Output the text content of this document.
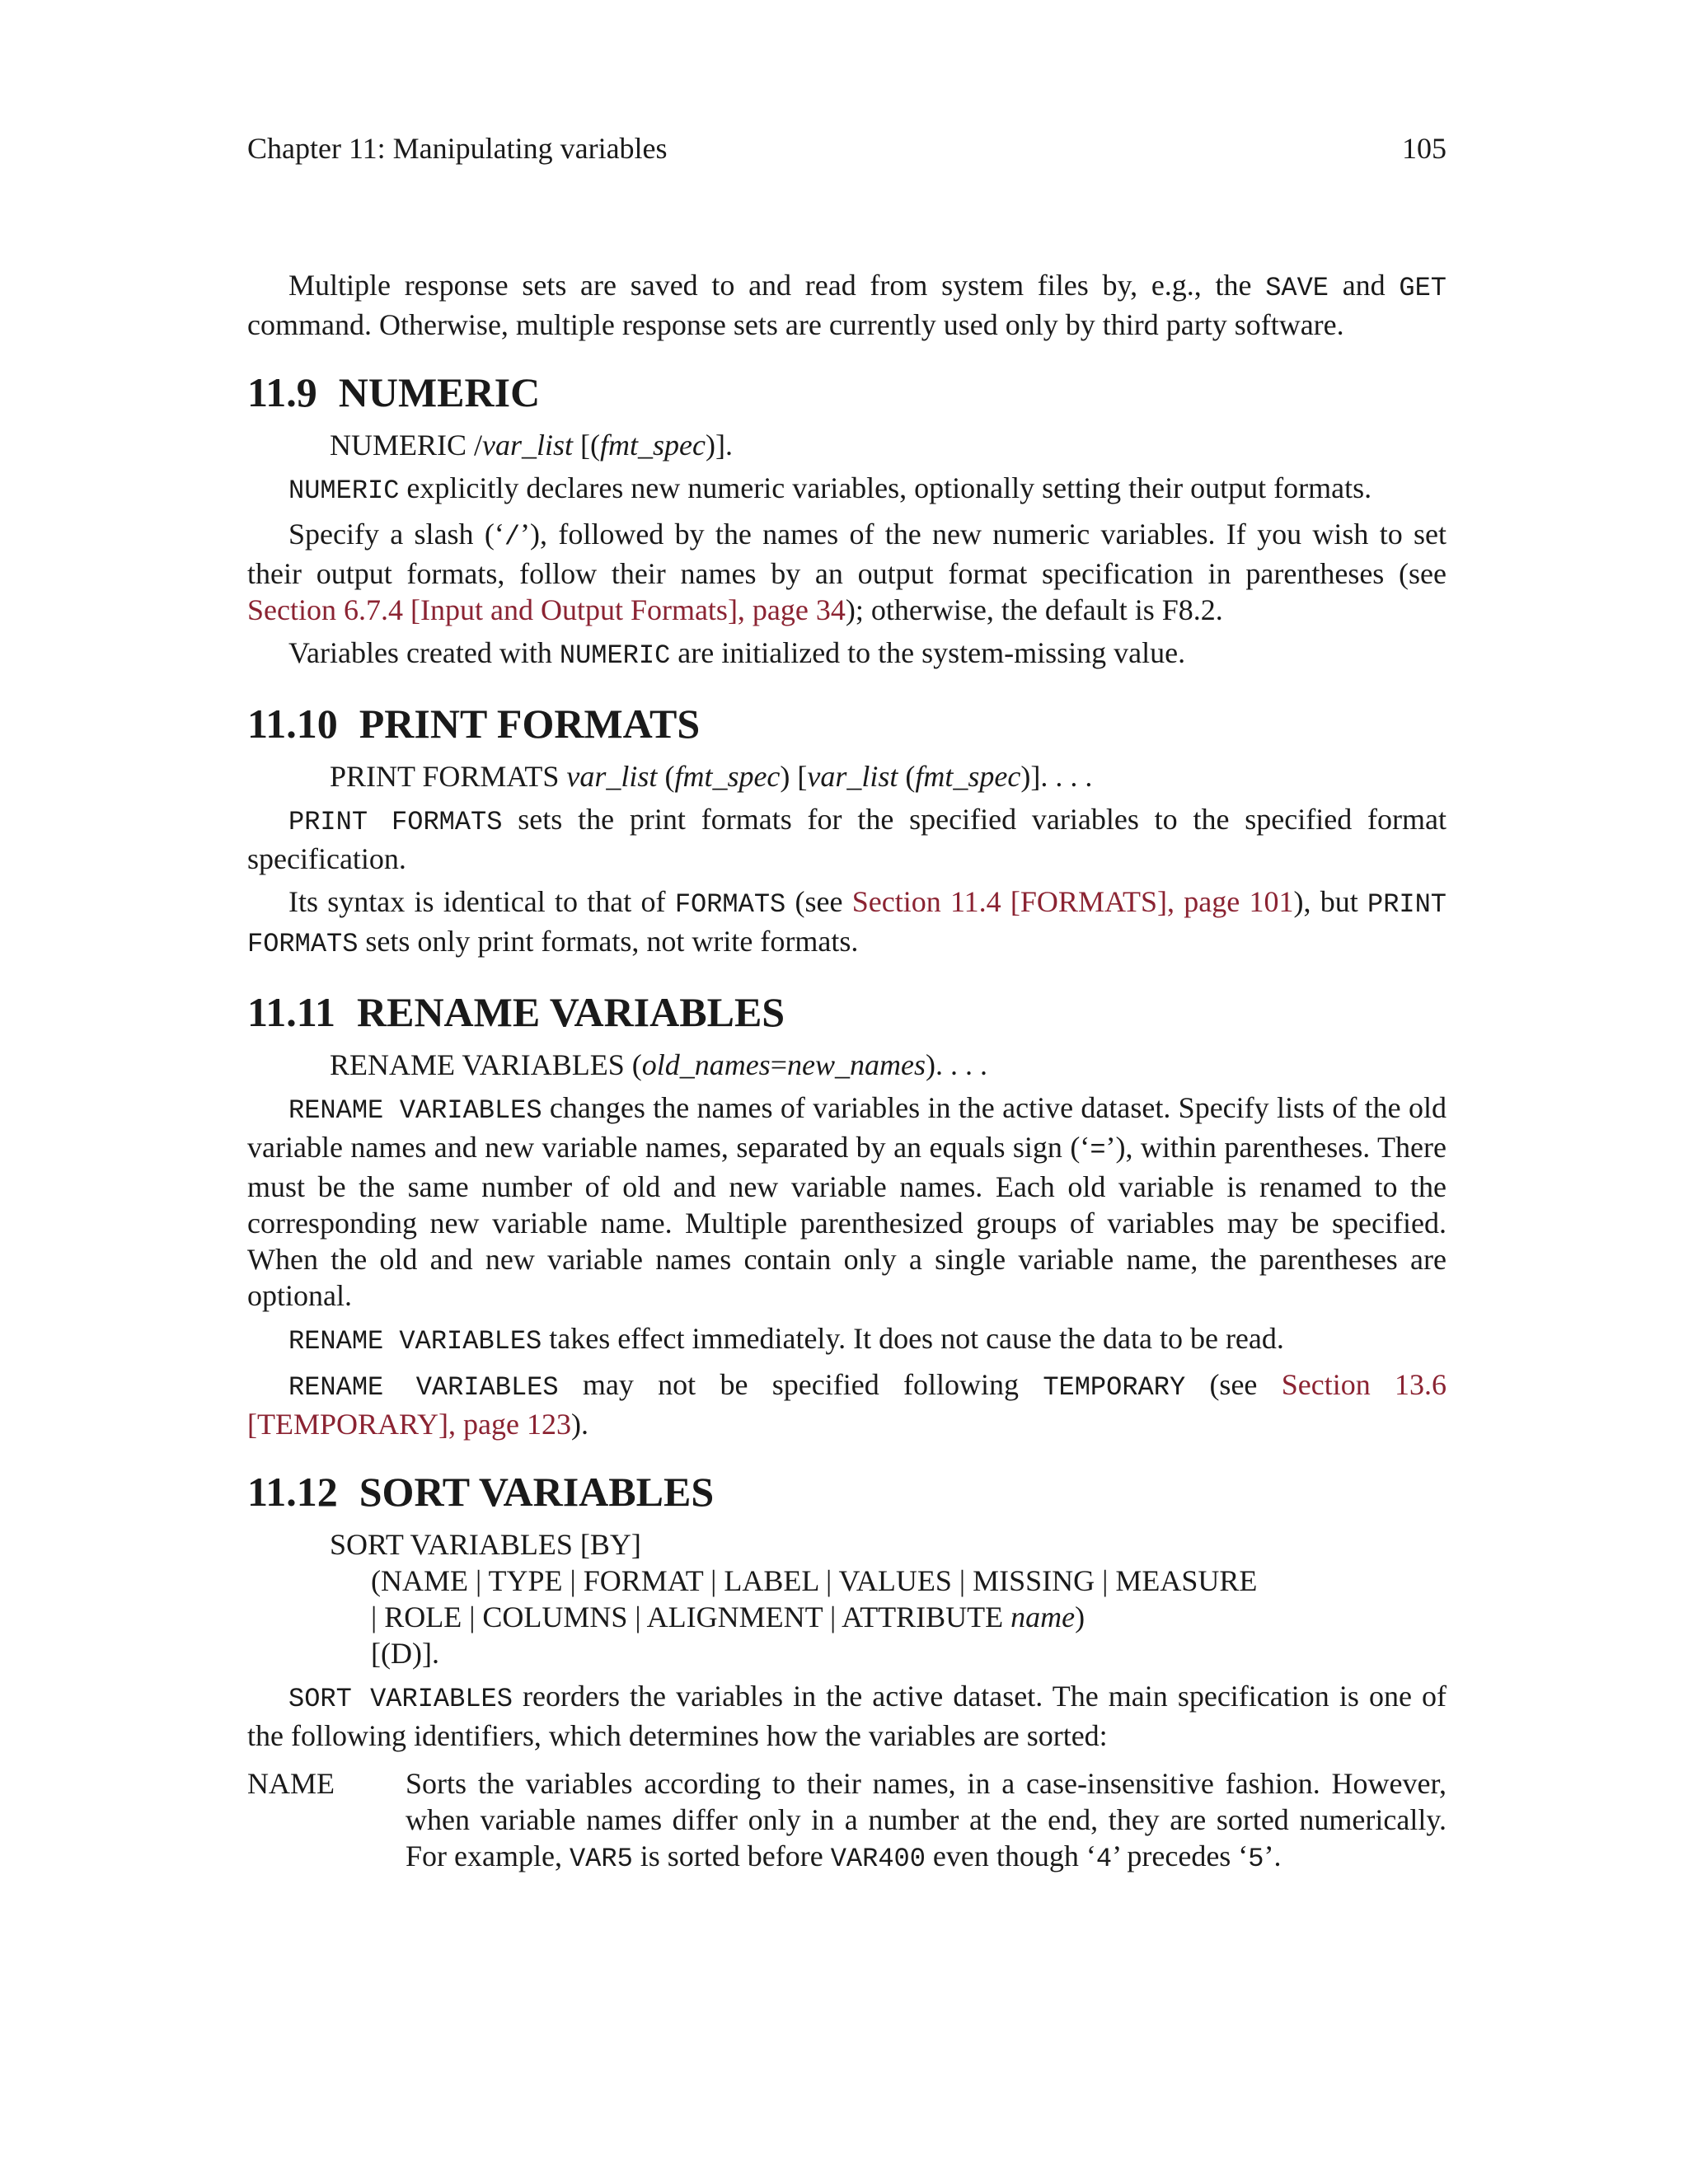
Chapter 11: Manipulating variables	105

Multiple response sets are saved to and read from system files by, e.g., the SAVE and GET command. Otherwise, multiple response sets are currently used only by third party software.

11.9 NUMERIC
NUMERIC /var_list [(fmt_spec)].

NUMERIC explicitly declares new numeric variables, optionally setting their output formats.

Specify a slash (‘/’), followed by the names of the new numeric variables. If you wish to set their output formats, follow their names by an output format specification in parentheses (see Section 6.7.4 [Input and Output Formats], page 34); otherwise, the default is F8.2.

Variables created with NUMERIC are initialized to the system-missing value.

11.10 PRINT FORMATS
PRINT FORMATS var_list (fmt_spec) [var_list (fmt_spec)]. . . .

PRINT FORMATS sets the print formats for the specified variables to the specified format specification.

Its syntax is identical to that of FORMATS (see Section 11.4 [FORMATS], page 101), but PRINT FORMATS sets only print formats, not write formats.

11.11 RENAME VARIABLES
RENAME VARIABLES (old_names=new_names). . . .

RENAME VARIABLES changes the names of variables in the active dataset. Specify lists of the old variable names and new variable names, separated by an equals sign (‘=’), within parentheses. There must be the same number of old and new variable names. Each old variable is renamed to the corresponding new variable name. Multiple parenthesized groups of variables may be specified. When the old and new variable names contain only a single variable name, the parentheses are optional.

RENAME VARIABLES takes effect immediately. It does not cause the data to be read.

RENAME VARIABLES may not be specified following TEMPORARY (see Section 13.6 [TEMPORARY], page 123).

11.12 SORT VARIABLES
SORT VARIABLES [BY]
(NAME | TYPE | FORMAT | LABEL | VALUES | MISSING | MEASURE
| ROLE | COLUMNS | ALIGNMENT | ATTRIBUTE name)
[(D)].

SORT VARIABLES reorders the variables in the active dataset. The main specification is one of the following identifiers, which determines how the variables are sorted:

NAME	Sorts the variables according to their names, in a case-insensitive fashion. However, when variable names differ only in a number at the end, they are sorted numerically. For example, VAR5 is sorted before VAR400 even though ‘4’ precedes ‘5’.
